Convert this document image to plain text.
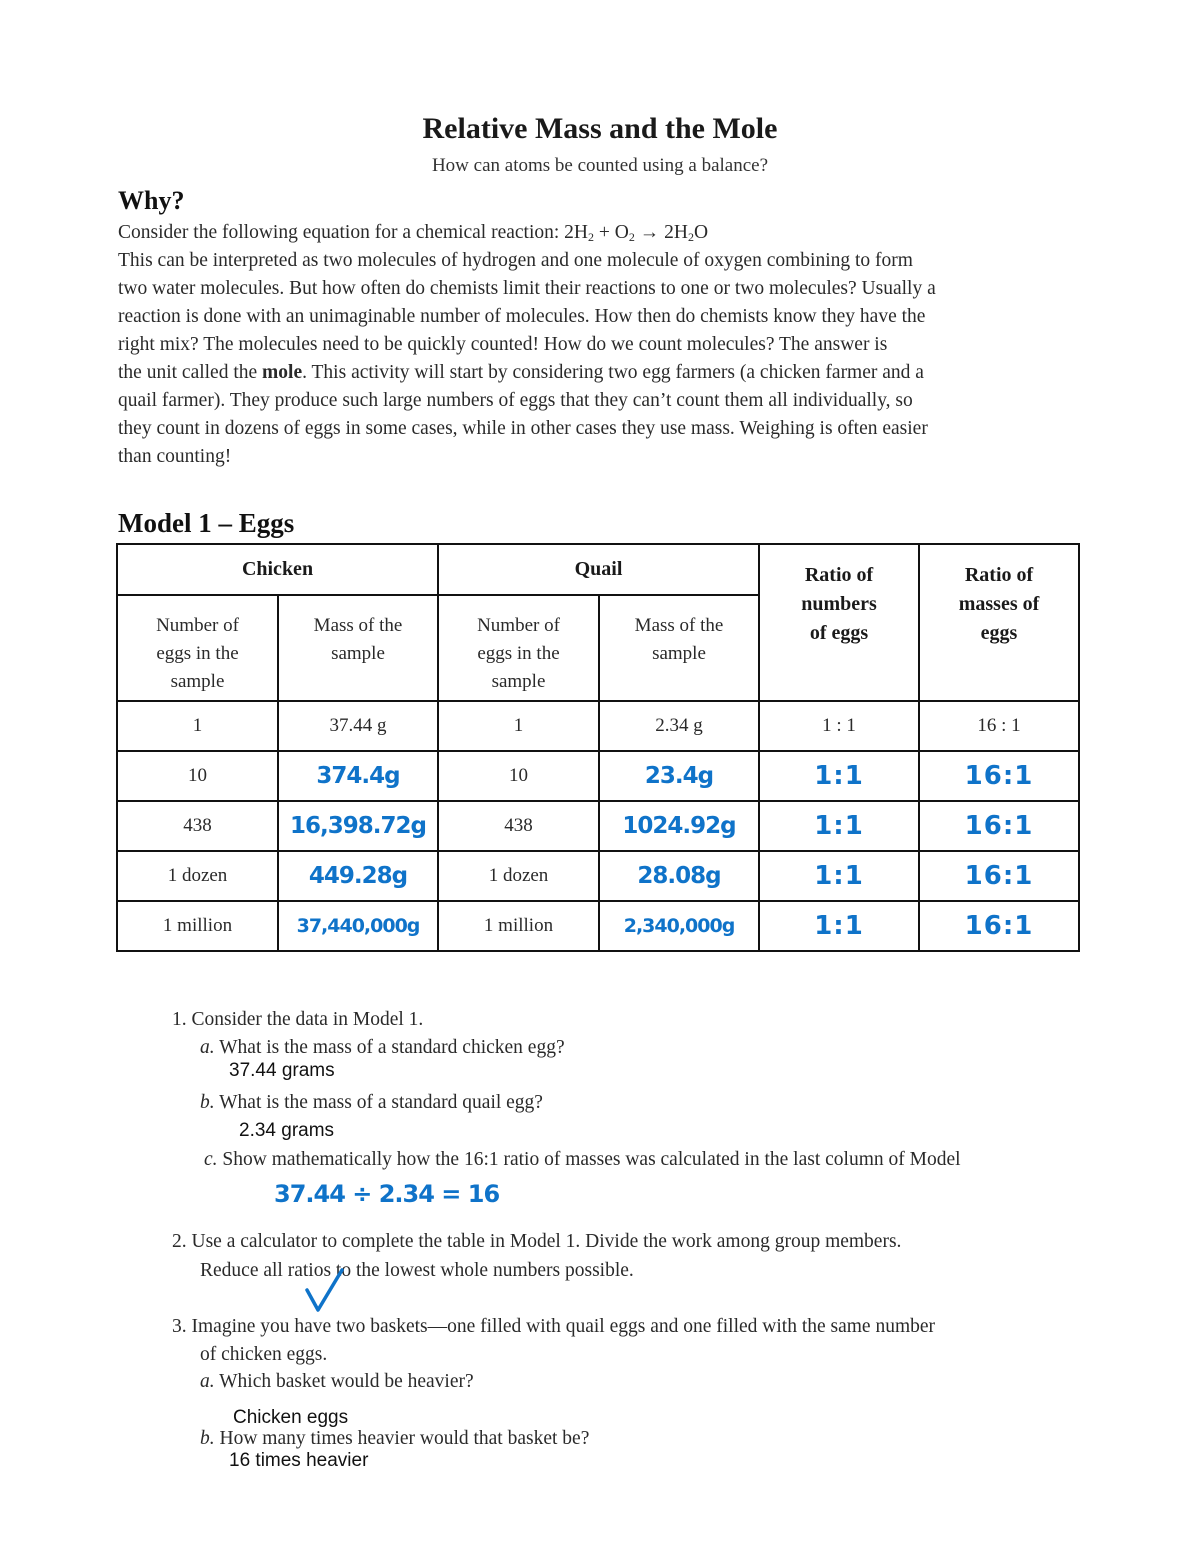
Relative Mass and the Mole
How can atoms be counted using a balance?
Why?
Consider the following equation for a chemical reaction: $2H_2 + O_2 \to 2H_2O$
This can be interpreted as two molecules of hydrogen and one molecule of oxygen combining to form
two water molecules. But how often do chemists limit their reactions to one or two molecules? Usually a
reaction is done with an unimaginable number of molecules. How then do chemists know they have the
right mix? The molecules need to be quickly counted! How do we count molecules? The answer is
the unit called the mole. This activity will start by considering two egg farmers (a chicken farmer and a
quail farmer). They produce such large numbers of eggs that they can’t count them all individually, so
they count in dozens of eggs in some cases, while in other cases they use mass. Weighing is often easier
than counting!
Model 1 – Eggs
Chicken		Quail		Ratio of numbers of eggs	Ratio of masses of eggs

Number of eggs in the sample	Mass of the sample	Number of eggs in the sample	Mass of the sample		

1	37.44 g	1	2.34 g	1 : 1	16 : 1
10	374.4g	10	23.4g	1:1	16:1
438	16,398.72g	438	1024.92g	1:1	16:1
1 dozen	449.28g	1 dozen	28.08g	1:1	16:1
1 million	37,440,000g	1 million	2,340,000g	1:1	16:1
1. Consider the data in Model 1.
a. What is the mass of a standard chicken egg?
37.44 grams
b. What is the mass of a standard quail egg?
2.34 grams
c. Show mathematically how the 16:1 ratio of masses was calculated in the last column of Model
37.44 ÷ 2.34 = 16
2. Use a calculator to complete the table in Model 1. Divide the work among group members.
Reduce all ratios to the lowest whole numbers possible.
3. Imagine you have two baskets—one filled with quail eggs and one filled with the same number
of chicken eggs.
a. Which basket would be heavier?
Chicken eggs
b. How many times heavier would that basket be?
16 times heavier
